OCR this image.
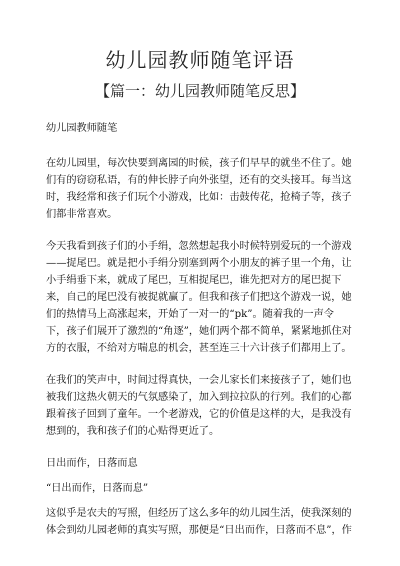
幼儿园教师随笔评语
【篇一：幼儿园教师随笔反思】

幼儿园教师随笔

在幼儿园里，每次快要到离园的时候，孩子们早早的就坐不住了。她们有的窃窃私语，有的伸长脖子向外张望，还有的交头接耳。每当这时，我经常和孩子们玩个小游戏，比如：击鼓传花，抢椅子等，孩子们都非常喜欢。

今天我看到孩子们的小手绢，忽然想起我小时候特别爱玩的一个游戏——捉尾巴。就是把小手绢分别塞到两个小朋友的裤子里一个角，让小手绢垂下来，就成了尾巴，互相捉尾巴，谁先把对方的尾巴捉下来，自己的尾巴没有被捉就赢了。但我和孩子们把这个游戏一说，她们的热情马上高涨起来，开始了一对一的“pk”。随着我的一声令下，孩子们展开了激烈的“角逐”，她们两个都不简单，紧紧地抓住对方的衣服，不给对方喘息的机会，甚至连三十六计孩子们都用上了。

在我们的笑声中，时间过得真快，一会儿家长们来接孩子了，她们也被我们这热火朝天的气氛感染了，加入到拉拉队的行列。我们的心都跟着孩子回到了童年。一个老游戏，它的价值是这样的大，是我没有想到的，我和孩子们的心贴得更近了。

日出而作，日落而息

“日出而作，日落而息”

这似乎是农夫的写照，但经历了这么多年的幼儿园生活，使我深刻的体会到幼儿园老师的真实写照，那便是“日出而作，日落而不息”，作
